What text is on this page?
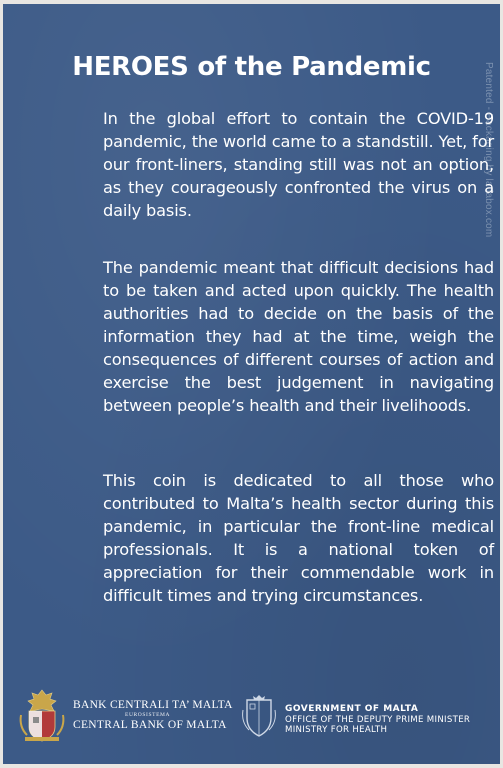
HEROES of the Pandemic	Patented - Packaging by ladabox.com

In the global effort to contain the COVID-19 pandemic, the world came to a standstill. Yet, for our front-liners, standing still was not an option, as they courageously confronted the virus on a daily basis.

The pandemic meant that difficult decisions had to be taken and acted upon quickly. The health authorities had to decide on the basis of the information they had at the time, weigh the consequences of different courses of action and exercise the best judgement in navigating between people’s health and their livelihoods.

This coin is dedicated to all those who contributed to Malta’s health sector during this pandemic, in particular the front-line medical professionals. It is a national token of appreciation for their commendable work in difficult times and trying circumstances.

BANK CENTRALI TA’ MALTA
EUROSISTEMA
CENTRAL BANK OF MALTA
GOVERNMENT OF MALTA
OFFICE OF THE DEPUTY PRIME MINISTER
MINISTRY FOR HEALTH
